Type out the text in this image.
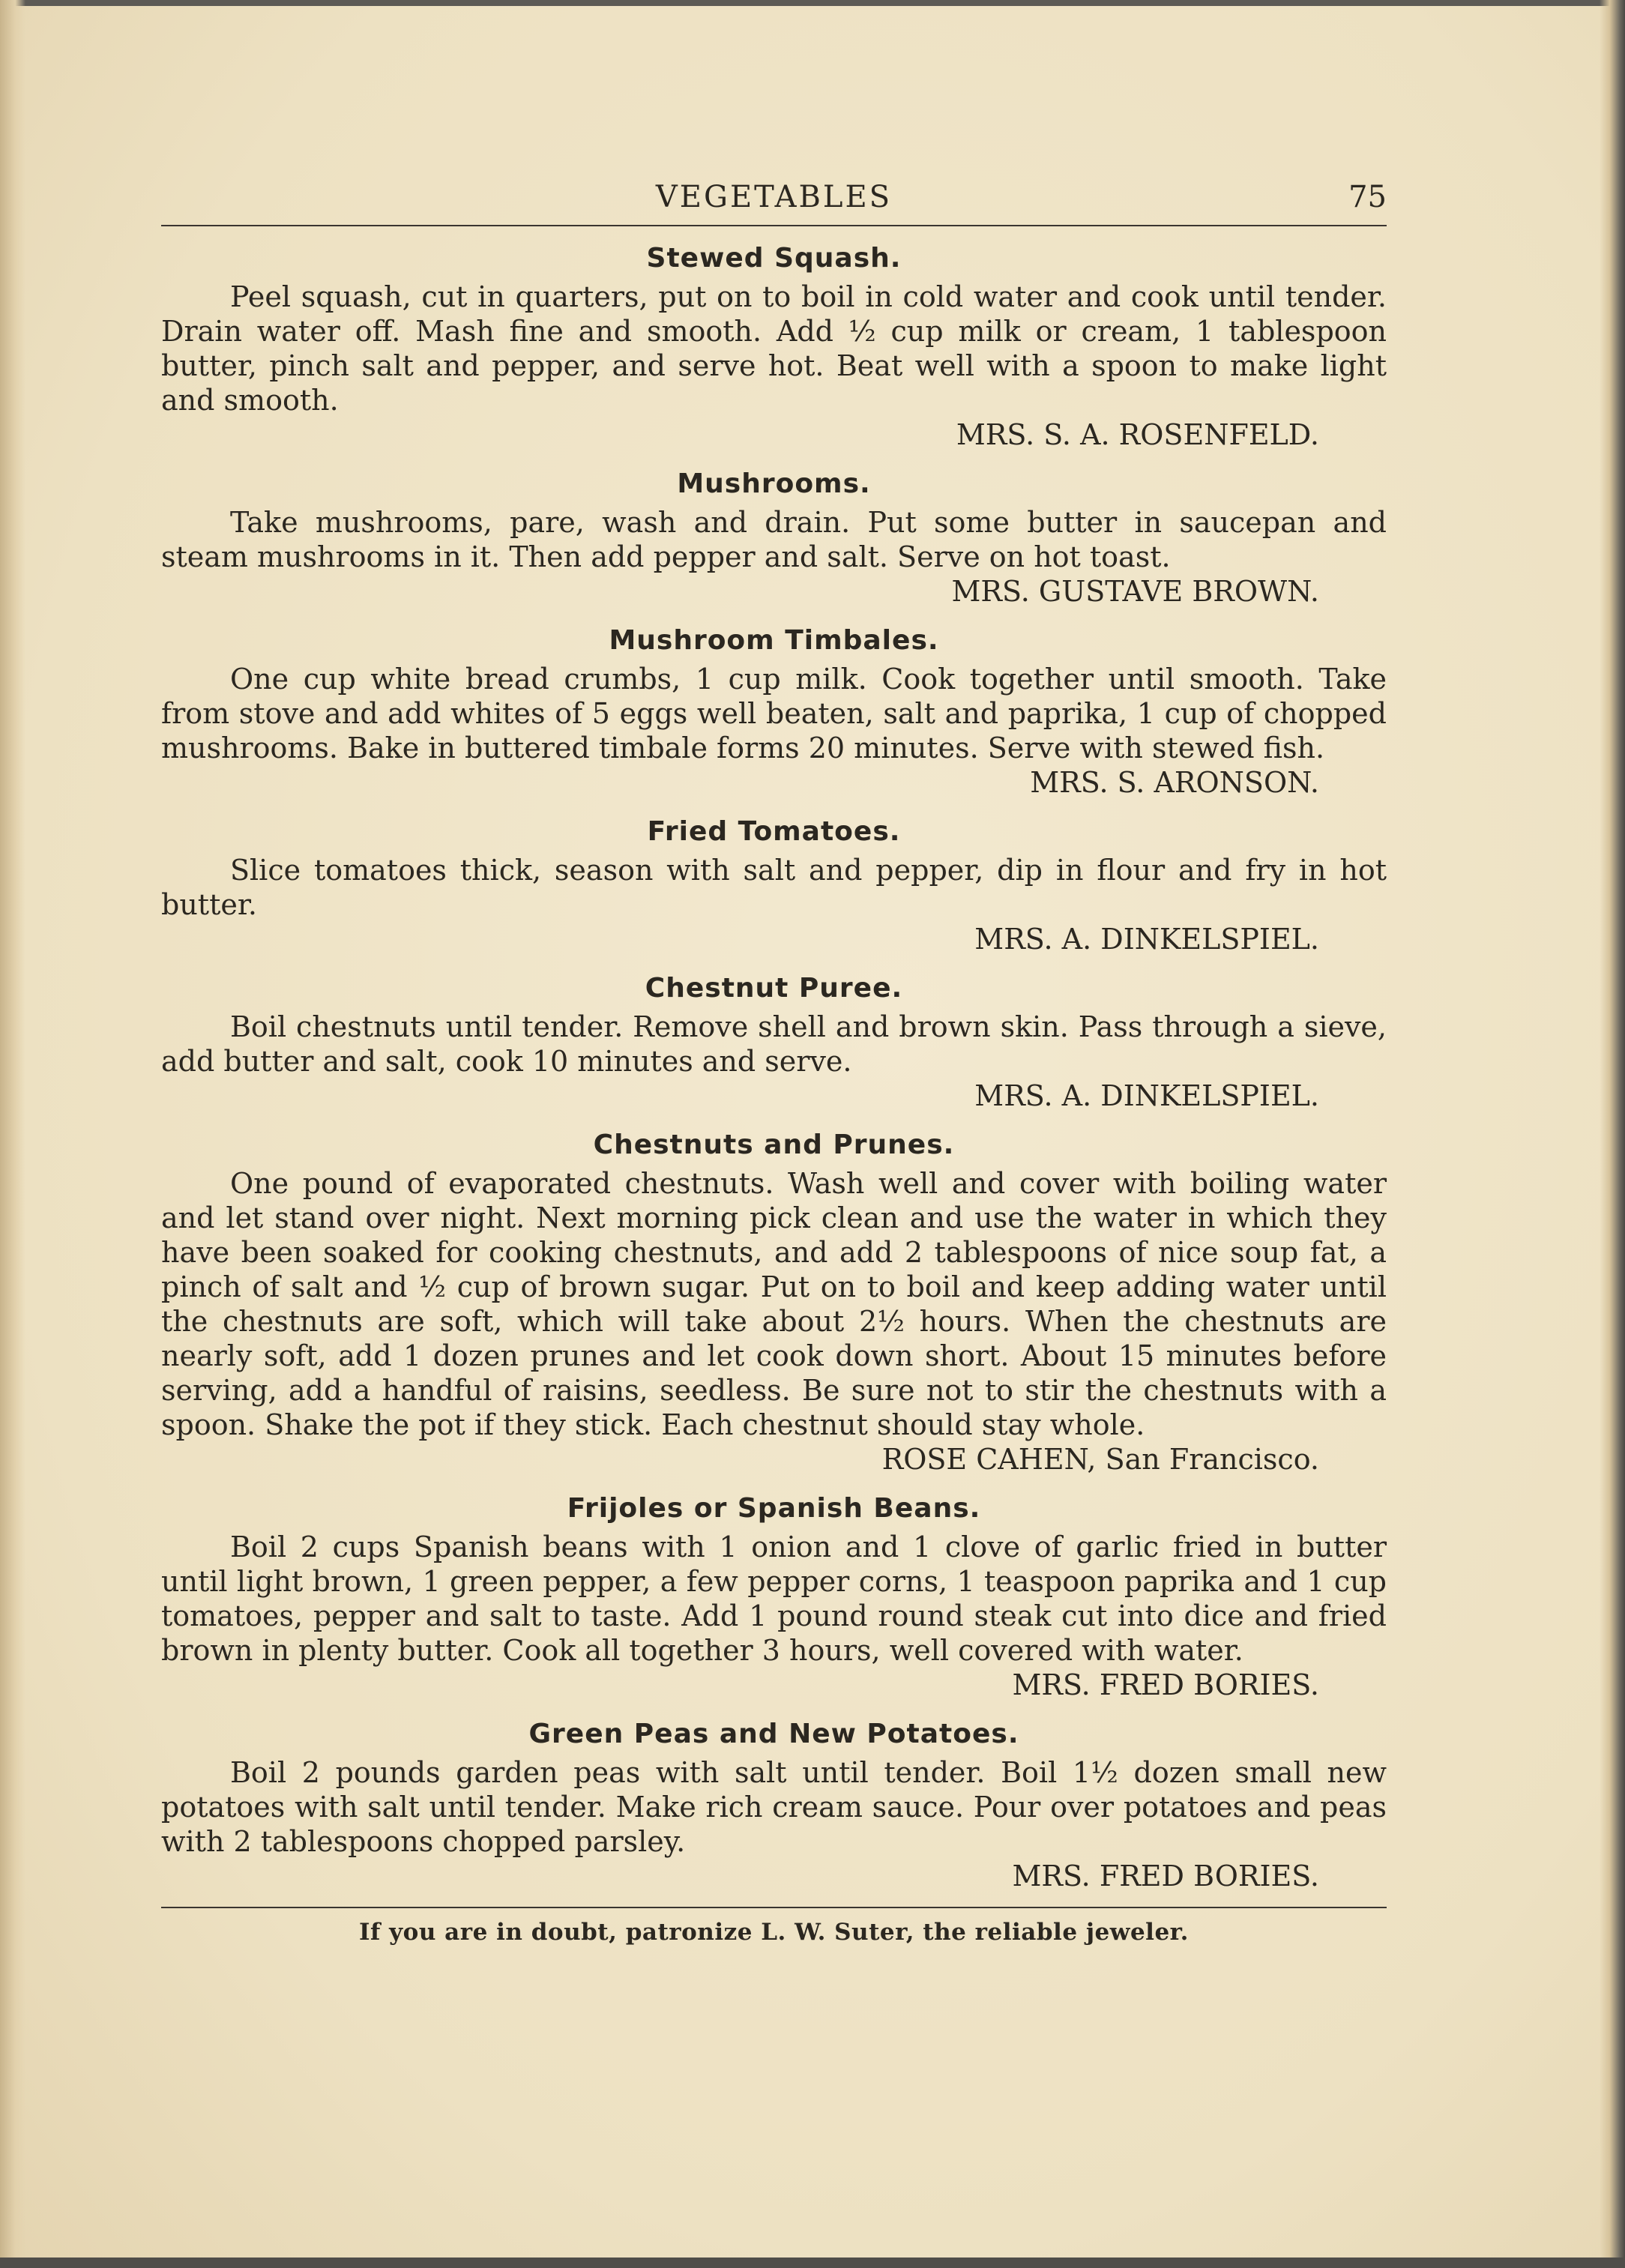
VEGETABLES	75
Stewed Squash.

Peel squash, cut in quarters, put on to boil in cold water and cook until tender. Drain water off. Mash fine and smooth. Add ½ cup milk or cream, 1 tablespoon butter, pinch salt and pepper, and serve hot. Beat well with a spoon to make light and smooth.

MRS. S. A. ROSENFELD.
Mushrooms.

Take mushrooms, pare, wash and drain. Put some butter in saucepan and steam mushrooms in it. Then add pepper and salt. Serve on hot toast.

MRS. GUSTAVE BROWN.
Mushroom Timbales.

One cup white bread crumbs, 1 cup milk. Cook together until smooth. Take from stove and add whites of 5 eggs well beaten, salt and paprika, 1 cup of chopped mushrooms. Bake in buttered timbale forms 20 minutes. Serve with stewed fish.

MRS. S. ARONSON.
Fried Tomatoes.

Slice tomatoes thick, season with salt and pepper, dip in flour and fry in hot butter.

MRS. A. DINKELSPIEL.
Chestnut Puree.

Boil chestnuts until tender. Remove shell and brown skin. Pass through a sieve, add butter and salt, cook 10 minutes and serve.

MRS. A. DINKELSPIEL.
Chestnuts and Prunes.

One pound of evaporated chestnuts. Wash well and cover with boiling water and let stand over night. Next morning pick clean and use the water in which they have been soaked for cooking chestnuts, and add 2 tablespoons of nice soup fat, a pinch of salt and ½ cup of brown sugar. Put on to boil and keep adding water until the chestnuts are soft, which will take about 2½ hours. When the chestnuts are nearly soft, add 1 dozen prunes and let cook down short. About 15 minutes before serving, add a handful of raisins, seedless. Be sure not to stir the chestnuts with a spoon. Shake the pot if they stick. Each chestnut should stay whole.

ROSE CAHEN, San Francisco.
Frijoles or Spanish Beans.

Boil 2 cups Spanish beans with 1 onion and 1 clove of garlic fried in butter until light brown, 1 green pepper, a few pepper corns, 1 teaspoon paprika and 1 cup tomatoes, pepper and salt to taste. Add 1 pound round steak cut into dice and fried brown in plenty butter. Cook all together 3 hours, well covered with water.

MRS. FRED BORIES.
Green Peas and New Potatoes.

Boil 2 pounds garden peas with salt until tender. Boil 1½ dozen small new potatoes with salt until tender. Make rich cream sauce. Pour over potatoes and peas with 2 tablespoons chopped parsley.

MRS. FRED BORIES.
If you are in doubt, patronize L. W. Suter, the reliable jeweler.
